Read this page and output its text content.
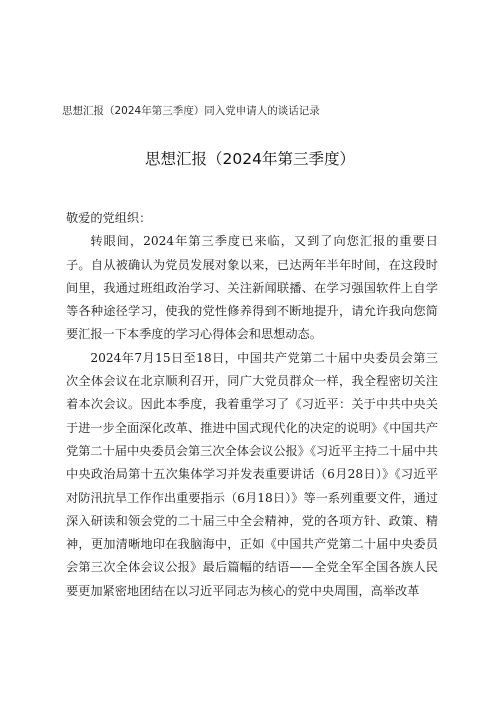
思想汇报（2024年第三季度）同入党申请人的谈话记录
思想汇报（2024年第三季度）

敬爱的党组织：

转眼间，2024年第三季度已来临，又到了向您汇报的重要日子。自从被确认为党员发展对象以来，已达两年半年时间，在这段时间里，我通过班组政治学习、关注新闻联播、在学习强国软件上自学等各种途径学习，使我的党性修养得到不断地提升，请允许我向您简要汇报一下本季度的学习心得体会和思想动态。

2024年7月15日至18日，中国共产党第二十届中央委员会第三次全体会议在北京顺利召开，同广大党员群众一样，我全程密切关注着本次会议。因此本季度，我着重学习了《习近平：关于中共中央关于进一步全面深化改革、推进中国式现代化的决定的说明》《中国共产党第二十届中央委员会第三次全体会议公报》《习近平主持二十届中共中央政治局第十五次集体学习并发表重要讲话（6月28日）》《习近平对防汛抗旱工作作出重要指示（6月18日）》等一系列重要文件，通过深入研读和领会党的二十届三中全会精神，党的各项方针、政策、精神，更加清晰地印在我脑海中，正如《中国共产党第二十届中央委员会第三次全体会议公报》最后篇幅的结语——全党全军全国各族人民要更加紧密地团结在以习近平同志为核心的党中央周围，高举改革
